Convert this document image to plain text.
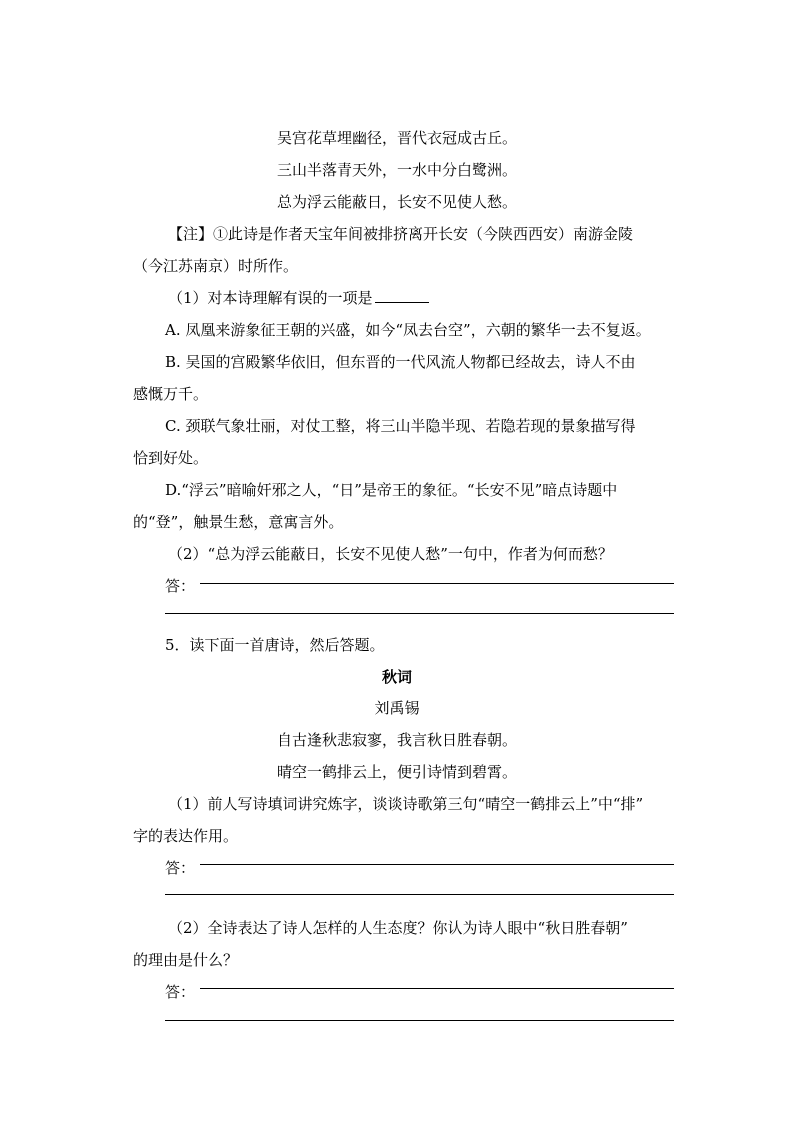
吴宫花草埋幽径，晋代衣冠成古丘。
三山半落青天外，一水中分白鹭洲。
总为浮云能蔽日，长安不见使人愁。
【注】①此诗是作者天宝年间被排挤离开长安（今陕西西安）南游金陵
（今江苏南京）时所作。
（1）对本诗理解有误的一项是
A. 凤凰来游象征王朝的兴盛，如今“凤去台空”，六朝的繁华一去不复返。
B. 吴国的宫殿繁华依旧，但东晋的一代风流人物都已经故去，诗人不由
感慨万千。
C. 颈联气象壮丽，对仗工整，将三山半隐半现、若隐若现的景象描写得
恰到好处。
D.“浮云”暗喻奸邪之人，“日”是帝王的象征。“长安不见”暗点诗题中
的“登”，触景生愁，意寓言外。
（2）“总为浮云能蔽日，长安不见使人愁”一句中，作者为何而愁？
答：
5．读下面一首唐诗，然后答题。
秋词
刘禹锡
自古逢秋悲寂寥，我言秋日胜春朝。
晴空一鹤排云上，便引诗情到碧霄。
（1）前人写诗填词讲究炼字，谈谈诗歌第三句“晴空一鹤排云上”中“排”
字的表达作用。
答：
（2）全诗表达了诗人怎样的人生态度？你认为诗人眼中“秋日胜春朝”
的理由是什么？
答：
